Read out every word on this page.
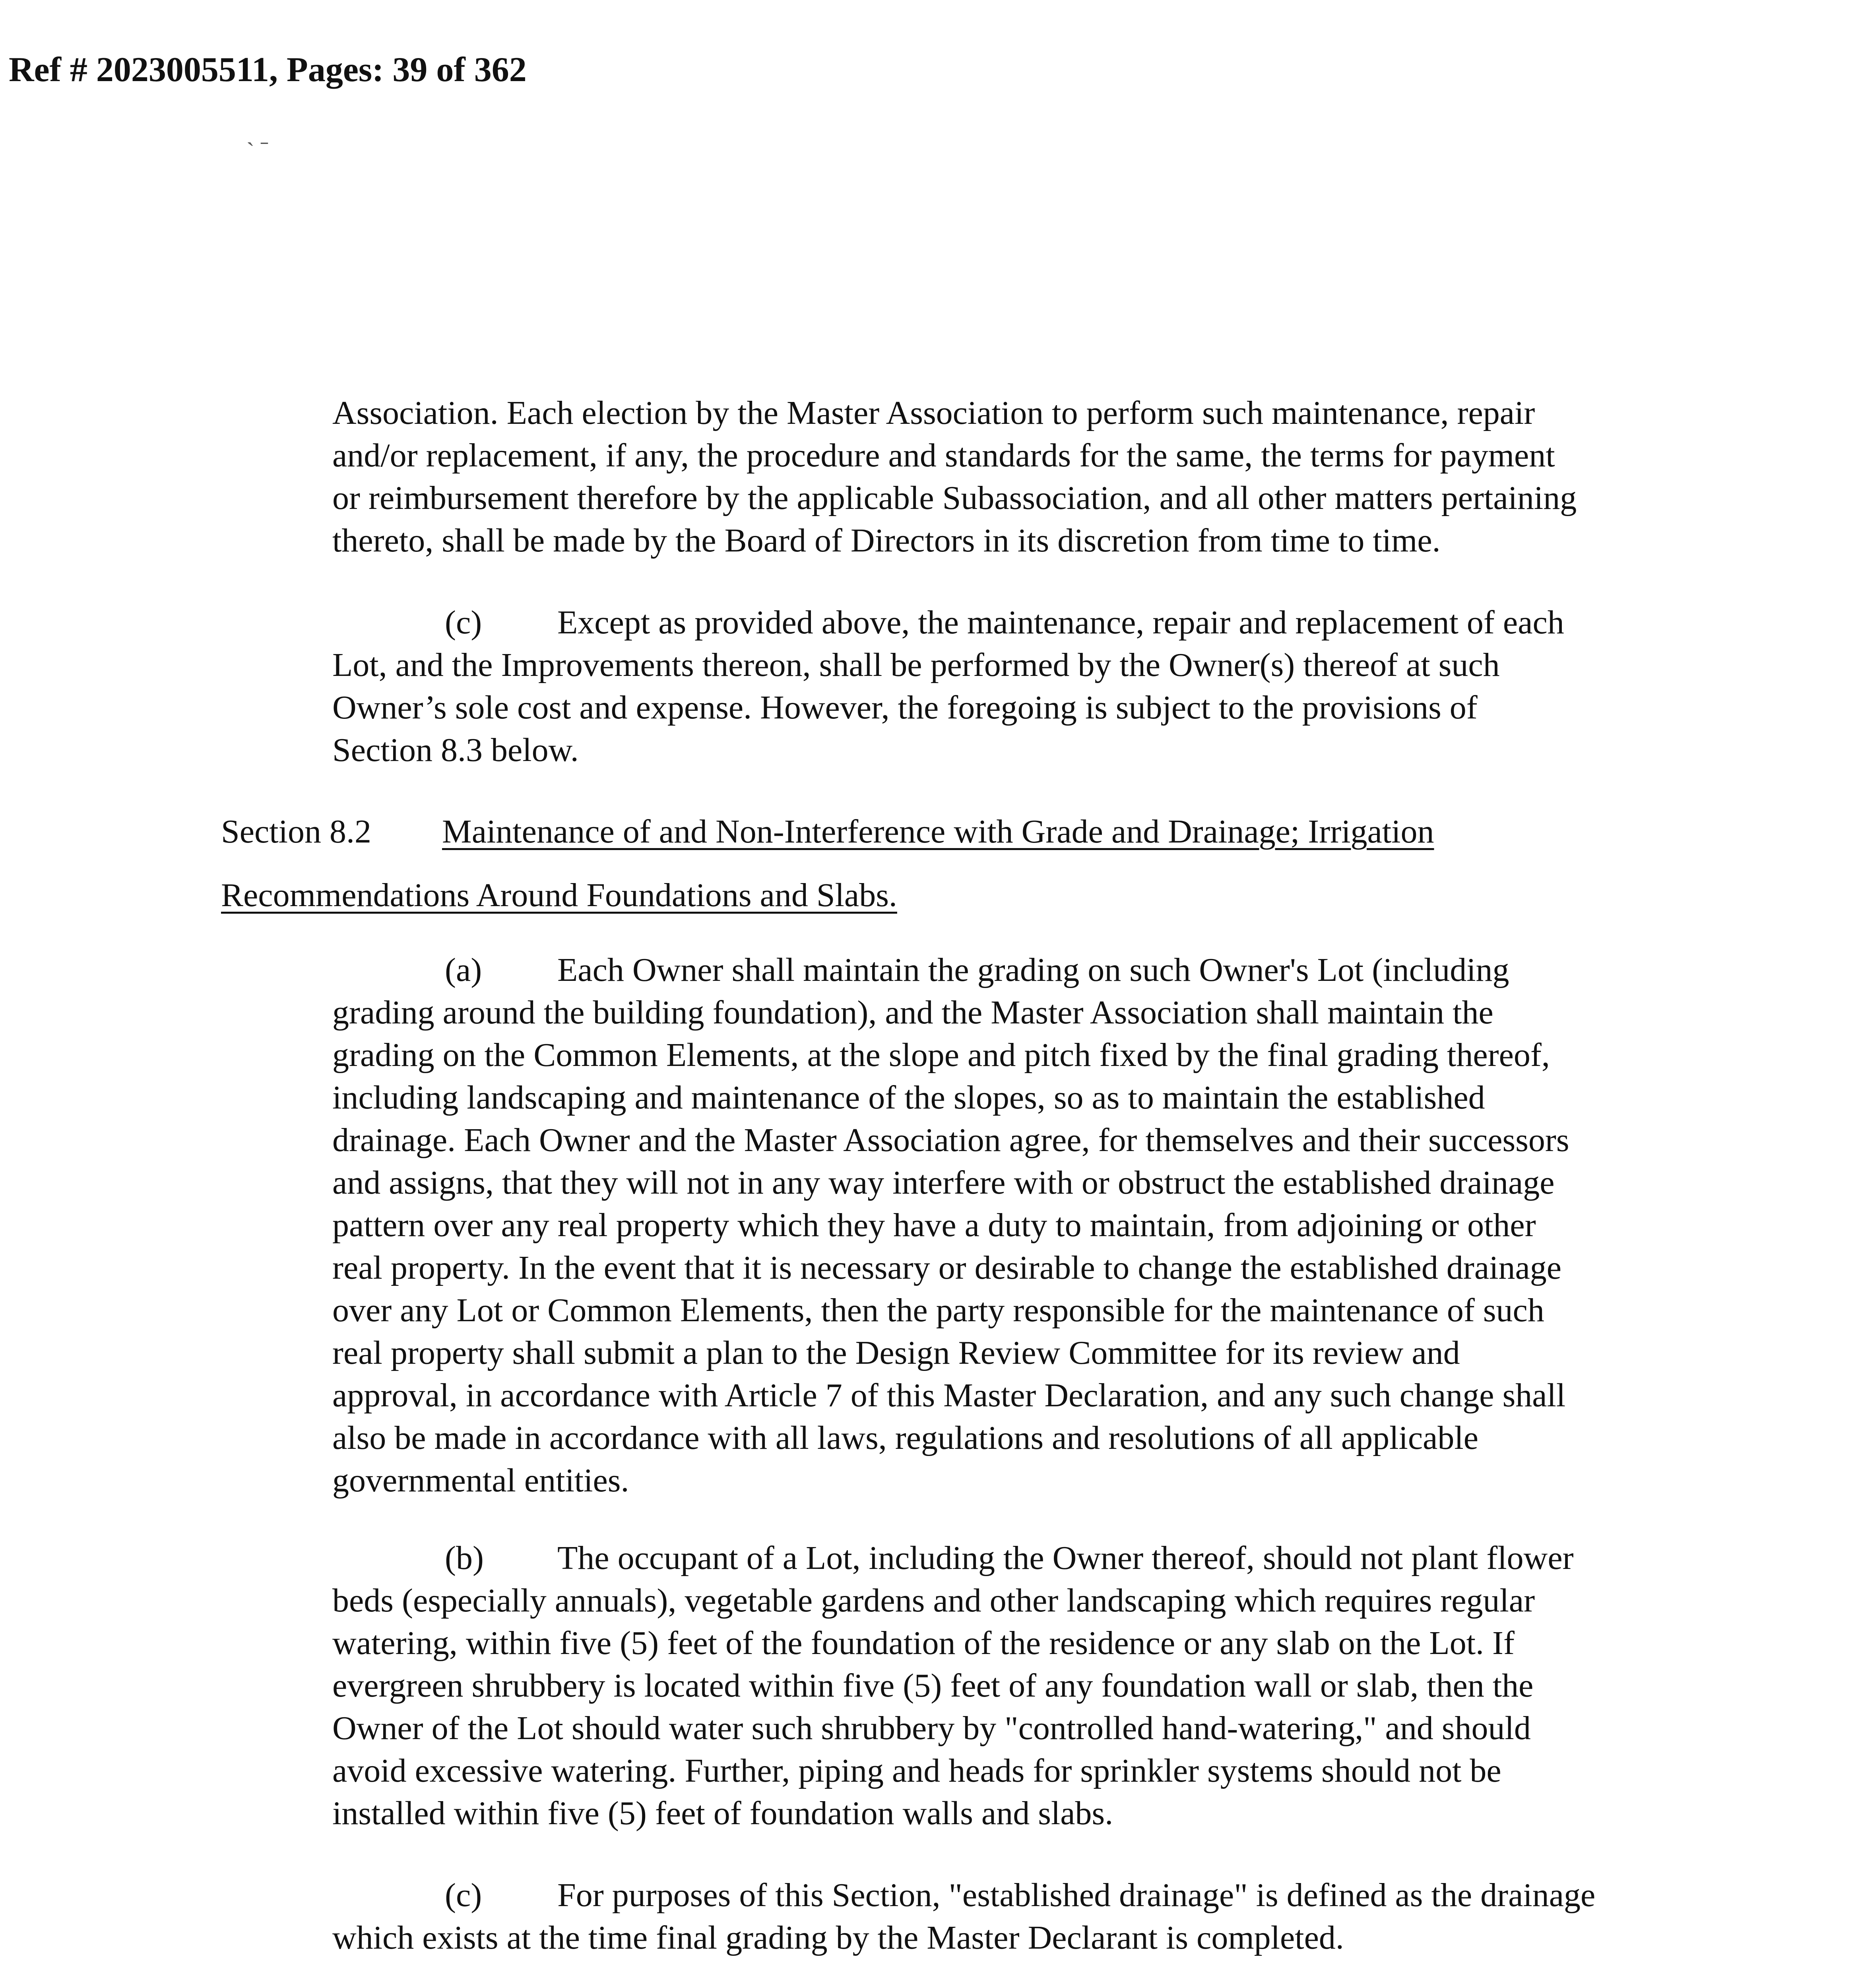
Ref # 2023005511, Pages: 39 of 362
ˎ ˍ
Association. Each election by the Master Association to perform such maintenance, repair
and/or replacement, if any, the procedure and standards for the same, the terms for payment
or reimbursement therefore by the applicable Subassociation, and all other matters pertaining
thereto, shall be made by the Board of Directors in its discretion from time to time.
(c) Except as provided above, the maintenance, repair and replacement of each
Lot, and the Improvements thereon, shall be performed by the Owner(s) thereof at such
Owner’s sole cost and expense. However, the foregoing is subject to the provisions of
Section 8.3 below.
Section 8.2 Maintenance of and Non-Interference with Grade and Drainage; Irrigation
Recommendations Around Foundations and Slabs.
(a) Each Owner shall maintain the grading on such Owner's Lot (including
grading around the building foundation), and the Master Association shall maintain the
grading on the Common Elements, at the slope and pitch fixed by the final grading thereof,
including landscaping and maintenance of the slopes, so as to maintain the established
drainage. Each Owner and the Master Association agree, for themselves and their successors
and assigns, that they will not in any way interfere with or obstruct the established drainage
pattern over any real property which they have a duty to maintain, from adjoining or other
real property. In the event that it is necessary or desirable to change the established drainage
over any Lot or Common Elements, then the party responsible for the maintenance of such
real property shall submit a plan to the Design Review Committee for its review and
approval, in accordance with Article 7 of this Master Declaration, and any such change shall
also be made in accordance with all laws, regulations and resolutions of all applicable
governmental entities.
(b) The occupant of a Lot, including the Owner thereof, should not plant flower
beds (especially annuals), vegetable gardens and other landscaping which requires regular
watering, within five (5) feet of the foundation of the residence or any slab on the Lot. If
evergreen shrubbery is located within five (5) feet of any foundation wall or slab, then the
Owner of the Lot should water such shrubbery by "controlled hand-watering," and should
avoid excessive watering. Further, piping and heads for sprinkler systems should not be
installed within five (5) feet of foundation walls and slabs.
(c) For purposes of this Section, "established drainage" is defined as the drainage
which exists at the time final grading by the Master Declarant is completed.
